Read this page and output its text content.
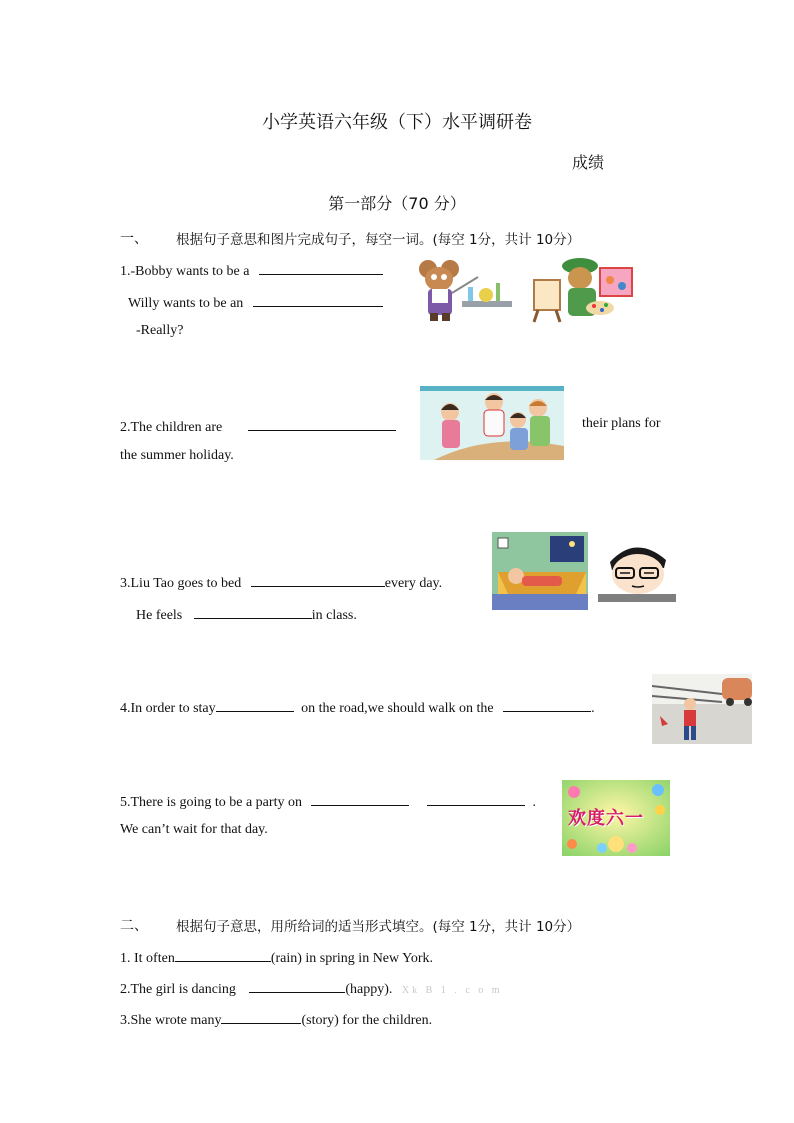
小学英语六年级（下）水平调研卷
成绩
第一部分（70 分）
一、 根据句子意思和图片完成句子，每空一词。(每空 1分，共计 10分）
1.-Bobby wants to be a
Willy wants to be an
-Really?
2.The children are	their plans for
the summer holiday.
3.Liu Tao goes to bed	every day.
He feels	in class.
4.In order to stay	on the road,we should walk on the	.
5.There is going to be a party on	.
We can’t wait for that day.
欢度六一
二、 根据句子意思，用所给词的适当形式填空。(每空 1分，共计 10分）
1. It often	(rain) in spring in New York.
2.The girl is dancing	(happy). Xk B 1 . c o m
3.She wrote many	(story) for the children.
